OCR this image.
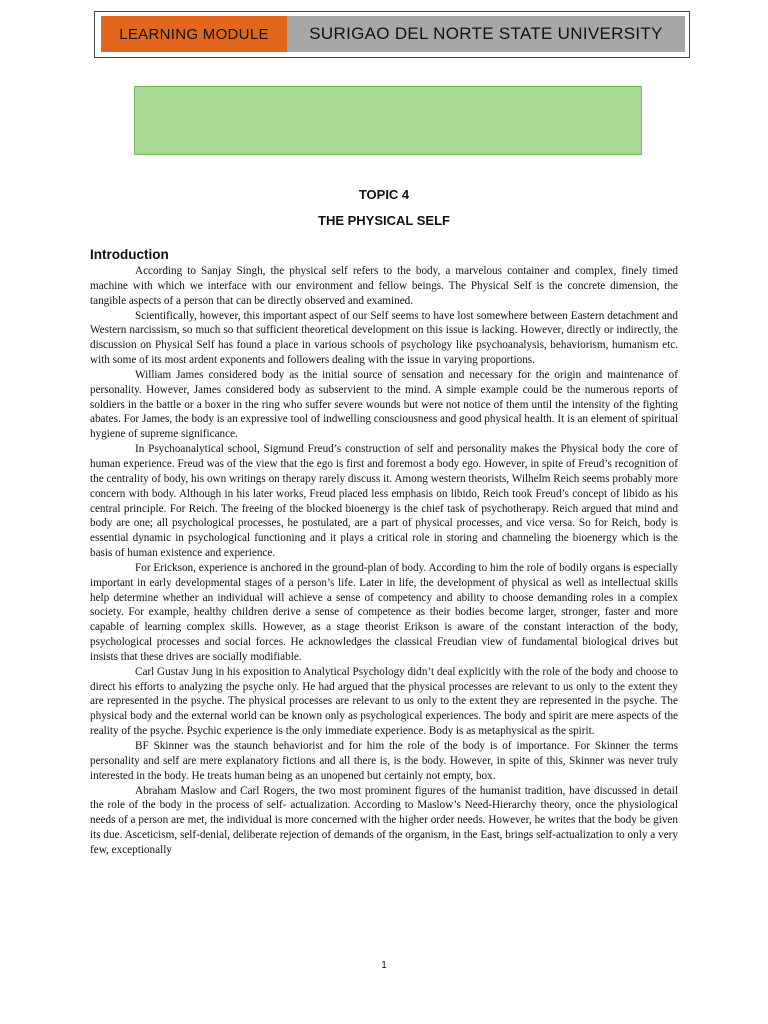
LEARNING MODULE SURIGAO DEL NORTE STATE UNIVERSITY
TOPIC 4
THE PHYSICAL SELF
Introduction

According to Sanjay Singh, the physical self refers to the body, a marvelous container and complex, finely timed machine with which we interface with our environment and fellow beings. The Physical Self is the concrete dimension, the tangible aspects of a person that can be directly observed and examined.

Scientifically, however, this important aspect of our Self seems to have lost somewhere between Eastern detachment and Western narcissism, so much so that sufficient theoretical development on this issue is lacking. However, directly or indirectly, the discussion on Physical Self has found a place in various schools of psychology like psychoanalysis, behaviorism, humanism etc. with some of its most ardent exponents and followers dealing with the issue in varying proportions.

William James considered body as the initial source of sensation and necessary for the origin and maintenance of personality. However, James considered body as subservient to the mind. A simple example could be the numerous reports of soldiers in the battle or a boxer in the ring who suffer severe wounds but were not notice of them until the intensity of the fighting abates. For James, the body is an expressive tool of indwelling consciousness and good physical health. It is an element of spiritual hygiene of supreme significance.

In Psychoanalytical school, Sigmund Freud’s construction of self and personality makes the Physical body the core of human experience. Freud was of the view that the ego is first and foremost a body ego. However, in spite of Freud’s recognition of the centrality of body, his own writings on therapy rarely discuss it. Among western theorists, Wilhelm Reich seems probably more concern with body. Although in his later works, Freud placed less emphasis on libido, Reich took Freud’s concept of libido as his central principle. For Reich. The freeing of the blocked bioenergy is the chief task of psychotherapy. Reich argued that mind and body are one; all psychological processes, he postulated, are a part of physical processes, and vice versa. So for Reich, body is essential dynamic in psychological functioning and it plays a critical role in storing and channeling the bioenergy which is the basis of human existence and experience.

For Erickson, experience is anchored in the ground-plan of body. According to him the role of bodily organs is especially important in early developmental stages of a person’s life. Later in life, the development of physical as well as intellectual skills help determine whether an individual will achieve a sense of competency and ability to choose demanding roles in a complex society. For example, healthy children derive a sense of competence as their bodies become larger, stronger, faster and more capable of learning complex skills. However, as a stage theorist Erikson is aware of the constant interaction of the body, psychological processes and social forces. He acknowledges the classical Freudian view of fundamental biological drives but insists that these drives are socially modifiable.

Carl Gustav Jung in his exposition to Analytical Psychology didn’t deal explicitly with the role of the body and choose to direct his efforts to analyzing the psyche only. He had argued that the physical processes are relevant to us only to the extent they are represented in the psyche. The physical processes are relevant to us only to the extent they are represented in the psyche. The physical body and the external world can be known only as psychological experiences. The body and spirit are mere aspects of the reality of the psyche. Psychic experience is the only immediate experience. Body is as metaphysical as the spirit.

BF Skinner was the staunch behaviorist and for him the role of the body is of importance. For Skinner the terms personality and self are mere explanatory fictions and all there is, is the body. However, in spite of this, Skinner was never truly interested in the body. He treats human being as an unopened but certainly not empty, box.

Abraham Maslow and Carl Rogers, the two most prominent figures of the humanist tradition, have discussed in detail the role of the body in the process of self- actualization. According to Maslow’s Need-Hierarchy theory, once the physiological needs of a person are met, the individual is more concerned with the higher order needs. However, he writes that the body be given its due. Asceticism, self-denial, deliberate rejection of demands of the organism, in the East, brings self-actualization to only a very few, exceptionally

1
